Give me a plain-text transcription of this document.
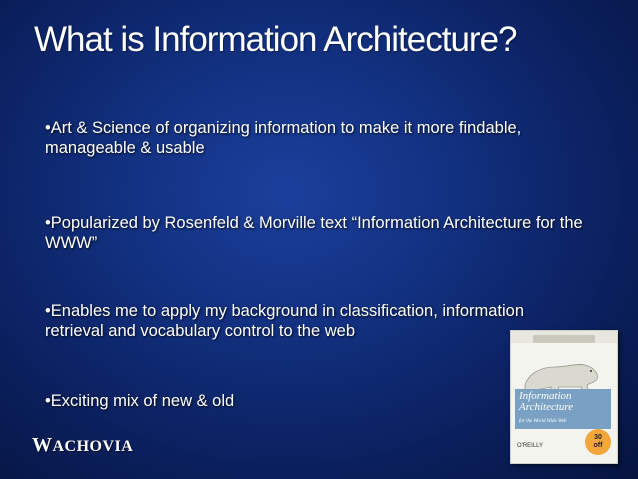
What is Information Architecture?
•Art & Science of organizing information to make it more findable, manageable & usable
•Popularized by Rosenfeld & Morville text “Information Architecture for the WWW”
•Enables me to apply my background in classification, information retrieval and vocabulary control to the web
•Exciting mix of new & old
WACHOVIA
Information Architecture
for the World Wide Web
O'REILLY
30
off
